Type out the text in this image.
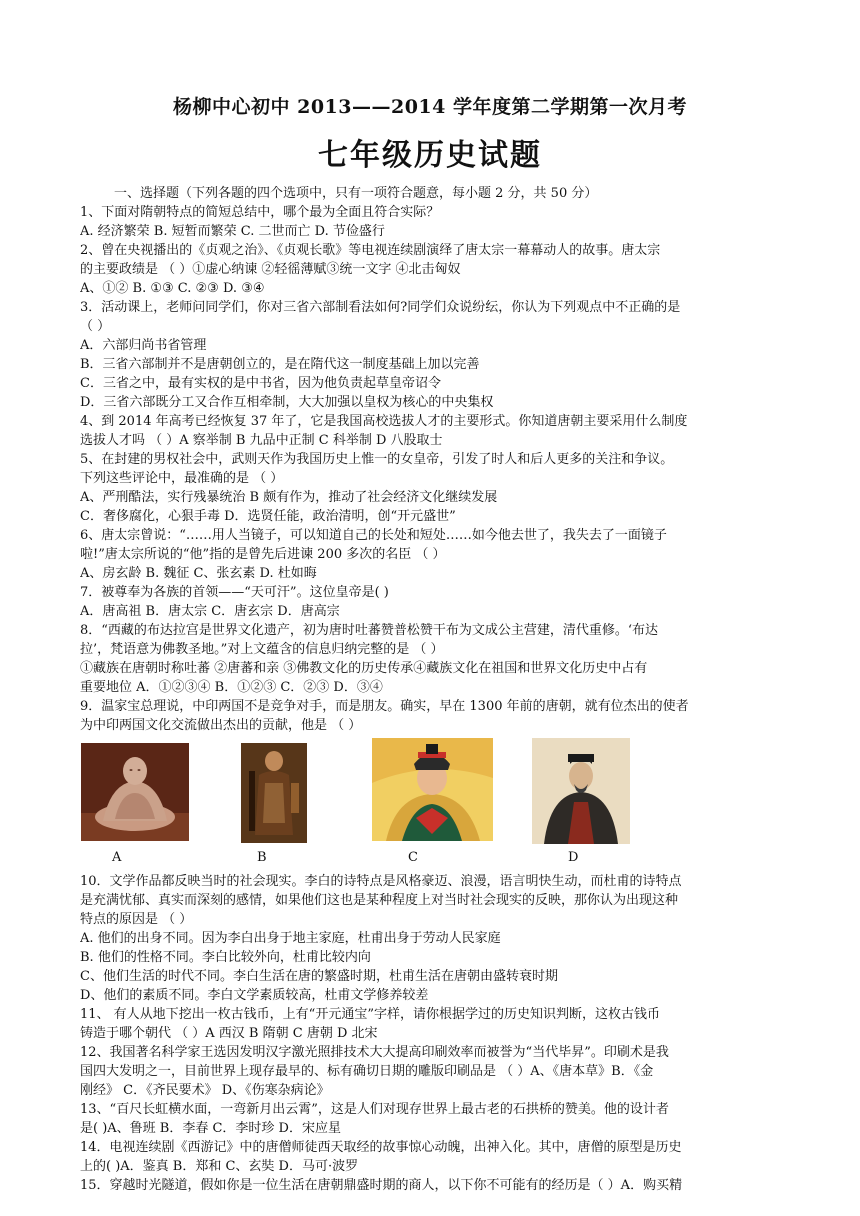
杨柳中心初中 2013——2014 学年度第二学期第一次月考
七年级历史试题
一、选择题（下列各题的四个选项中，只有一项符合题意，每小题 2 分，共 50 分）
1、下面对隋朝特点的简短总结中，哪个最为全面且符合实际？
A. 经济繁荣 B. 短暂而繁荣 C. 二世而亡 D. 节俭盛行
2、曾在央视播出的《贞观之治》、《贞观长歌》等电视连续剧演绎了唐太宗一幕幕动人的故事。唐太宗
的主要政绩是 （ ）①虚心纳谏 ②轻徭薄赋③统一文字 ④北击匈奴
A、①② B. ①③ C. ②③ D. ③④
3．活动课上，老师问同学们，你对三省六部制看法如何?同学们众说纷纭，你认为下列观点中不正确的是
（ ）
A．六部归尚书省管理
B．三省六部制并不是唐朝创立的，是在隋代这一制度基础上加以完善
C．三省之中，最有实权的是中书省，因为他负责起草皇帝诏令
D．三省六部既分工又合作互相牵制，大大加强以皇权为核心的中央集权
4、到 2014 年高考已经恢复 37 年了，它是我国高校选拔人才的主要形式。你知道唐朝主要采用什么制度
选拔人才吗 （ ）A 察举制 B 九品中正制 C 科举制 D 八股取士
5、在封建的男权社会中，武则天作为我国历史上惟一的女皇帝，引发了时人和后人更多的关注和争议。
下列这些评论中，最准确的是 （ ）
A、严刑酷法，实行残暴统治 B 颇有作为，推动了社会经济文化继续发展
C．奢侈腐化，心狠手毒 D．选贤任能，政治清明，创“开元盛世”
6、唐太宗曾说：“……用人当镜子，可以知道自己的长处和短处……如今他去世了，我失去了一面镜子
啦!”唐太宗所说的“他”指的是曾先后进谏 200 多次的名臣 （ ）
A、房玄龄 B. 魏征 C、张玄素 D. 杜如晦
7．被尊奉为各族的首领——“天可汗”。这位皇帝是( )
A．唐高祖 B．唐太宗 C．唐玄宗 D．唐高宗
8．“西藏的布达拉宫是世界文化遗产，初为唐时吐蕃赞普松赞干布为文成公主营建，清代重修。‘布达
拉’，梵语意为佛教圣地。”对上文蕴含的信息归纳完整的是 （ ）
①藏族在唐朝时称吐蕃 ②唐蕃和亲 ③佛教文化的历史传承④藏族文化在祖国和世界文化历史中占有
重要地位 A．①②③④ B．①②③ C．②③ D．③④
9．温家宝总理说，中印两国不是竞争对手，而是朋友。确实，早在 1300 年前的唐朝，就有位杰出的使者
为中印两国文化交流做出杰出的贡献，他是 （ ）
A	B	C	D
10．文学作品都反映当时的社会现实。李白的诗特点是风格豪迈、浪漫，语言明快生动，而杜甫的诗特点
是充满忧郁、真实而深刻的感情，如果他们这也是某种程度上对当时社会现实的反映，那你认为出现这种
特点的原因是 （ ）
A. 他们的出身不同。因为李白出身于地主家庭，杜甫出身于劳动人民家庭
B. 他们的性格不同。李白比较外向，杜甫比较内向
C、他们生活的时代不同。李白生活在唐的繁盛时期，杜甫生活在唐朝由盛转衰时期
D、他们的素质不同。李白文学素质较高，杜甫文学修养较差
11、 有人从地下挖出一枚古钱币，上有“开元通宝”字样，请你根据学过的历史知识判断，这枚古钱币
铸造于哪个朝代 （ ）A 西汉 B 隋朝 C 唐朝 D 北宋
12、我国著名科学家王选因发明汉字激光照排技术大大提高印刷效率而被誉为“当代毕昇”。印刷术是我
国四大发明之一，目前世界上现存最早的、标有确切日期的雕版印刷品是 （ ）A、《唐本草》B．《金
刚经》 C．《齐民要术》 D、《伤寒杂病论》
13、“百尺长虹横水面，一弯新月出云霄”，这是人们对现存世界上最古老的石拱桥的赞美。他的设计者
是( )A、鲁班 B．李春 C．李时珍 D．宋应星
14．电视连续剧《西游记》中的唐僧师徒西天取经的故事惊心动魄，出神入化。其中，唐僧的原型是历史
上的( )A．鉴真 B．郑和 C、玄奘 D．马可·波罗
15．穿越时光隧道，假如你是一位生活在唐朝鼎盛时期的商人，以下你不可能有的经历是（ ）A．购买精
